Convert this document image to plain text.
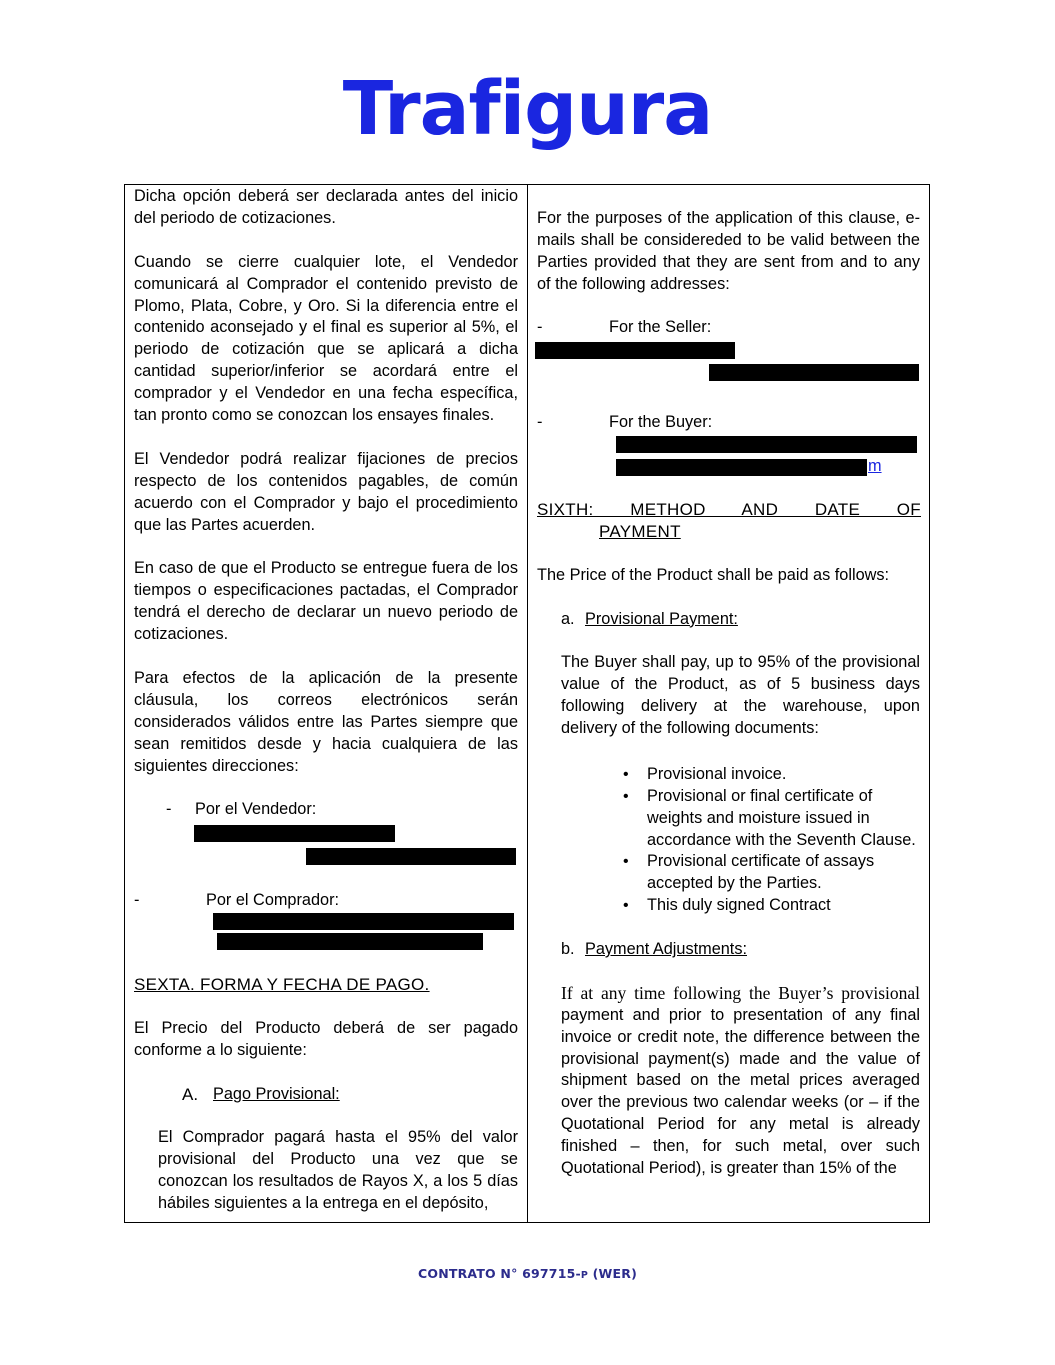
Trafigura

Dicha opción deberá ser declarada antes del inicio del periodo de cotizaciones.

Cuando se cierre cualquier lote, el Vendedor comunicará al Comprador el contenido previsto de Plomo, Plata, Cobre, y Oro. Si la diferencia entre el contenido aconsejado y el final es superior al 5%, el periodo de cotización que se aplicará a dicha cantidad superior/inferior se acordará entre el comprador y el Vendedor en una fecha específica, tan pronto como se conozcan los ensayes finales.

El Vendedor podrá realizar fijaciones de precios respecto de los contenidos pagables, de común acuerdo con el Comprador y bajo el procedimiento que las Partes acuerden.

En caso de que el Producto se entregue fuera de los tiempos o especificaciones pactadas, el Comprador tendrá el derecho de declarar un nuevo periodo de cotizaciones.

Para efectos de la aplicación de la presente cláusula, los correos electrónicos serán considerados válidos entre las Partes siempre que sean remitidos desde y hacia cualquiera de las siguientes direcciones:

- Por el Vendedor:
-	Por el Comprador:

SEXTA. FORMA Y FECHA DE PAGO.

El Precio del Producto deberá de ser pagado conforme a lo siguiente:

A. Pago Provisional:

El Comprador pagará hasta el 95% del valor provisional del Producto una vez que se conozcan los resultados de Rayos X, a los 5 días hábiles siguientes a la entrega en el depósito,

For the purposes of the application of this clause, e-mails shall be considereded to be valid between the Parties provided that they are sent from and to any of the following addresses:

-	For the Seller:
-	For the Buyer:
m
SIXTH:   METHOD   AND   DATE   OF
PAYMENT

The Price of the Product shall be paid as follows:

a. Provisional Payment:

The Buyer shall pay, up to 95% of the provisional value of the Product, as of 5 business days following delivery at the warehouse, upon delivery of the following documents:

• Provisional invoice.
• Provisional or final certificate of weights and moisture issued in accordance with the Seventh Clause.
• Provisional certificate of assays accepted by the Parties.
• This duly signed Contract
b. Payment Adjustments:

If at any time following the Buyer’s provisional

payment and prior to presentation of any final invoice or credit note, the difference between the provisional payment(s) made and the value of shipment based on the metal prices averaged over the previous two calendar weeks (or – if the Quotational Period for any metal is already finished – then, for such metal, over such Quotational Period), is greater than 15% of the

CONTRATO N° 697715-P (WER)
